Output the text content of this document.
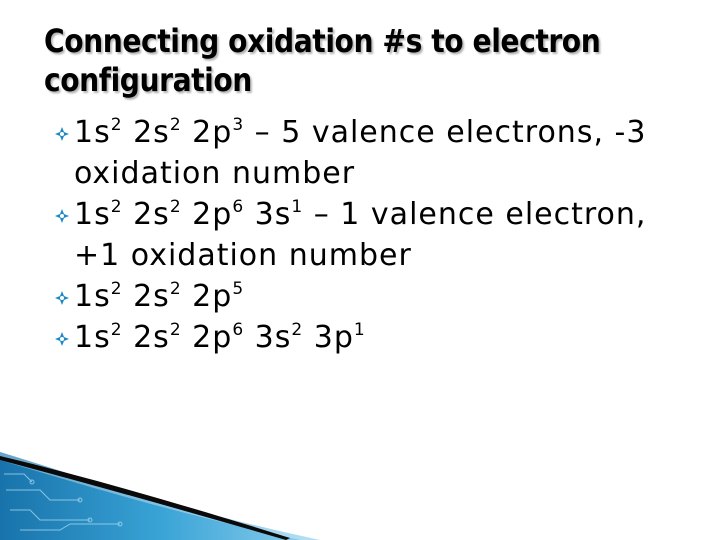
Connecting oxidation #s to electron configuration
$1s^2$ $2s^2$ $2p^3 - 5$ valence electrons, -3 oxidation number
$1s^2$ $2s^2$ $2p^6$ $3s^1 - 1$ valence electron, +1 oxidation number
$1s^2$ $2s^2$ $2p^5$
$1s^2$ $2s^2$ $2p^6$ $3s^2$ $3p^1$
